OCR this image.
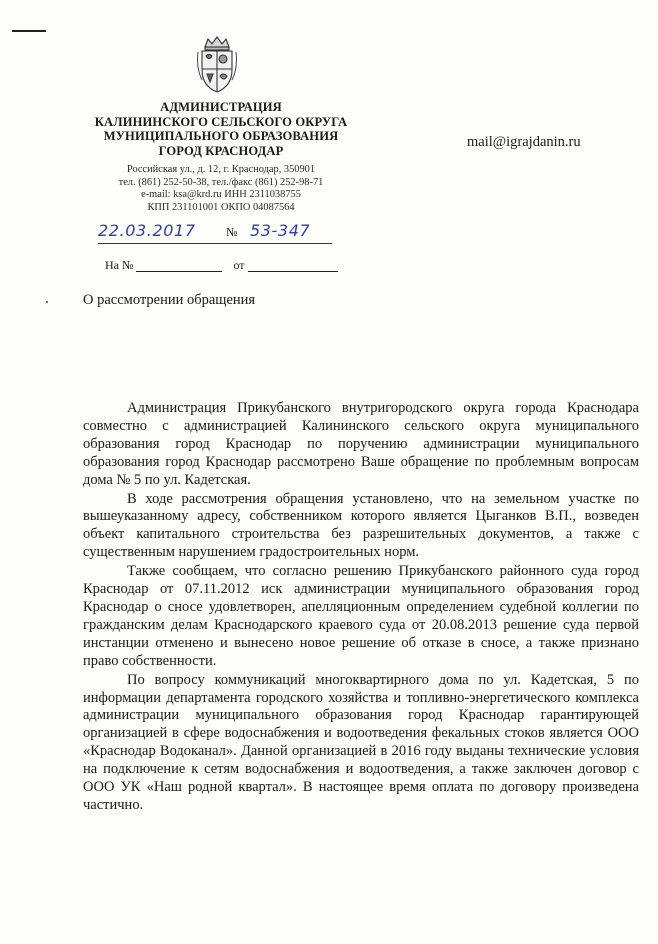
АДМИНИСТРАЦИЯ
КАЛИНИНСКОГО СЕЛЬСКОГО ОКРУГА
МУНИЦИПАЛЬНОГО ОБРАЗОВАНИЯ
ГОРОД КРАСНОДАР
Российская ул., д. 12, г. Краснодар, 350901
тел. (861) 252-50-38, тел./факс (861) 252-98-71
e-mail: ksa@krd.ru ИНН 2311038755
КПП 231101001 ОКПО 04087564
22.03.2017	№ 53-347
На №	от
mail@igrajdanin.ru
О рассмотрении обращения

Администрация Прикубанского внутригородского округа города Краснодара совместно с администрацией Калининского сельского округа муниципального образования город Краснодар по поручению администрации муниципального образования город Краснодар рассмотрено Ваше обращение по проблемным вопросам дома № 5 по ул. Кадетская.

В ходе рассмотрения обращения установлено, что на земельном участке по вышеуказанному адресу, собственником которого является Цыганков В.П., возведен объект капитального строительства без разрешительных документов, а также с существенным нарушением градостроительных норм.

Также сообщаем, что согласно решению Прикубанского районного суда город Краснодар от 07.11.2012 иск администрации муниципального образования город Краснодар о сносе удовлетворен, апелляционным определением судебной коллегии по гражданским делам Краснодарского краевого суда от 20.08.2013 решение суда первой инстанции отменено и вынесено новое решение об отказе в сносе, а также признано право собственности.

По вопросу коммуникаций многоквартирного дома по ул. Кадетская, 5 по информации департамента городского хозяйства и топливно-энергетического комплекса администрации муниципального образования город Краснодар гарантирующей организацией в сфере водоснабжения и водоотведения фекальных стоков является ООО «Краснодар Водоканал». Данной организацией в 2016 году выданы технические условия на подключение к сетям водоснабжения и водоотведения, а также заключен договор с ООО УК «Наш родной квартал». В настоящее время оплата по договору произведена частично.
